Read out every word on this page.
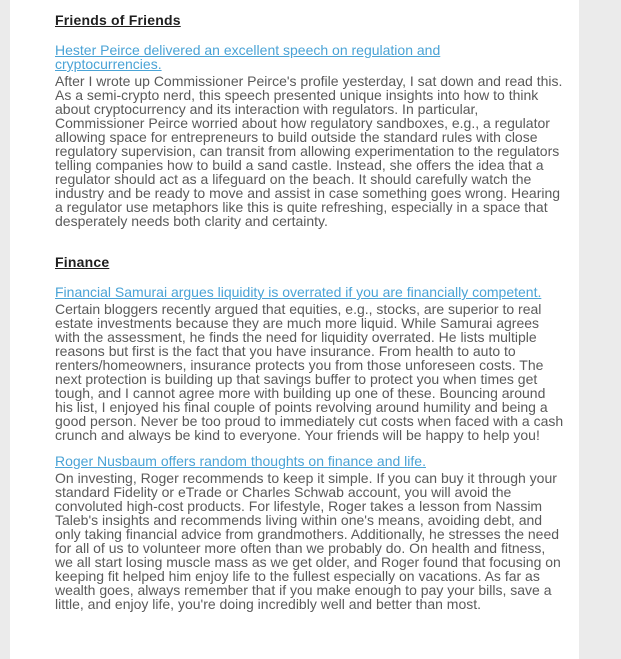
Friends of Friends

Hester Peirce delivered an excellent speech on regulation and cryptocurrencies.

After I wrote up Commissioner Peirce's profile yesterday, I sat down and read this. As a semi-crypto nerd, this speech presented unique insights into how to think about cryptocurrency and its interaction with regulators. In particular, Commissioner Peirce worried about how regulatory sandboxes, e.g., a regulator allowing space for entrepreneurs to build outside the standard rules with close regulatory supervision, can transit from allowing experimentation to the regulators telling companies how to build a sand castle. Instead, she offers the idea that a regulator should act as a lifeguard on the beach. It should carefully watch the industry and be ready to move and assist in case something goes wrong. Hearing a regulator use metaphors like this is quite refreshing, especially in a space that desperately needs both clarity and certainty.

Finance

Financial Samurai argues liquidity is overrated if you are financially competent.

Certain bloggers recently argued that equities, e.g., stocks, are superior to real estate investments because they are much more liquid. While Samurai agrees with the assessment, he finds the need for liquidity overrated. He lists multiple reasons but first is the fact that you have insurance. From health to auto to renters/homeowners, insurance protects you from those unforeseen costs. The next protection is building up that savings buffer to protect you when times get tough, and I cannot agree more with building up one of these. Bouncing around his list, I enjoyed his final couple of points revolving around humility and being a good person. Never be too proud to immediately cut costs when faced with a cash crunch and always be kind to everyone. Your friends will be happy to help you!

Roger Nusbaum offers random thoughts on finance and life.

On investing, Roger recommends to keep it simple. If you can buy it through your standard Fidelity or eTrade or Charles Schwab account, you will avoid the convoluted high-cost products. For lifestyle, Roger takes a lesson from Nassim Taleb's insights and recommends living within one's means, avoiding debt, and only taking financial advice from grandmothers. Additionally, he stresses the need for all of us to volunteer more often than we probably do. On health and fitness, we all start losing muscle mass as we get older, and Roger found that focusing on keeping fit helped him enjoy life to the fullest especially on vacations. As far as wealth goes, always remember that if you make enough to pay your bills, save a little, and enjoy life, you're doing incredibly well and better than most.
